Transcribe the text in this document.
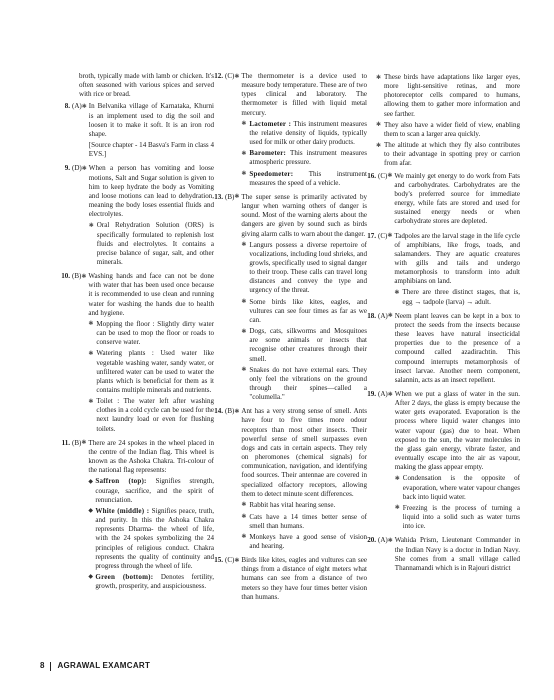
broth, typically made with lamb or chicken. It's often seasoned with various spices and served with rice or bread.
8. (A) ✱ In Belvanika village of Karnataka, Khurni is an implement used to dig the soil and loosen it to make it soft. It is an iron rod shape.
[Source chapter - 14 Basva's Farm in class 4 EVS.]
9. (D) ✱ When a person has vomiting and loose motions, Salt and Sugar solution is given to him to keep hydrate the body as Vomiting and loose motions can lead to dehydration, meaning the body loses essential fluids and electrolytes.
✱ Oral Rehydration Solution (ORS) is specifically formulated to replenish lost fluids and electrolytes. It contains a precise balance of sugar, salt, and other minerals.
10. (B) ✱ Washing hands and face can not be done with water that has been used once because it is recommended to use clean and running water for washing the hands due to health and hygiene.
✱ Mopping the floor : Slightly dirty water can be used to mop the floor or roads to conserve water.
✱ Watering plants : Used water like vegetable washing water, sandy water, or unfiltered water can be used to water the plants which is beneficial for them as it contains multiple minerals and nutrients.
✱ Toilet : The water left after washing clothes in a cold cycle can be used for the next laundry load or even for flushing toilets.
11. (B) ✱ There are 24 spokes in the wheel placed in the centre of the Indian flag. This wheel is known as the Ashoka Chakra. Tri-colour of the national flag represents:
◆ Saffron (top): Signifies strength, courage, sacrifice, and the spirit of renunciation.
◆ White (middle) : Signifies peace, truth, and purity. In this the Ashoka Chakra represents Dharma- the wheel of life, with the 24 spokes symbolizing the 24 principles of religious conduct. Chakra represents the quality of continuity and progress through the wheel of life.
◆ Green (bottom): Denotes fertility, growth, prosperity, and auspiciousness.
12. (C) ✱ The thermometer is a device used to measure body temperature. These are of two types clinical and laboratory. The thermometer is filled with liquid metal mercury.
✱ Lactometer : This instrument measures the relative density of liquids, typically used for milk or other dairy products.
✱ Barometer: This instrument measures atmospheric pressure.
✱ Speedometer: This instrument measures the speed of a vehicle.
13. (B) ✱ The super sense is primarily activated by langur when warning others of danger is sound. Most of the warning alerts about the dangers are given by sound such as birds giving alarm calls to warn about the danger.
✱ Langurs possess a diverse repertoire of vocalizations, including loud shrieks, and growls, specifically used to signal danger to their troop. These calls can travel long distances and convey the type and urgency of the threat.
✱ Some birds like kites, eagles, and vultures can see four times as far as we can.
✱ Dogs, cats, silkworms and Mosquitoes are some animals or insects that recognise other creatures through their smell.
✱ Snakes do not have external ears. They only feel the vibrations on the ground through their spines—called a "columella."
14. (B) ✱ Ant has a very strong sense of smell. Ants have four to five times more odour receptors than most other insects. Their powerful sense of smell surpasses even dogs and cats in certain aspects. They rely on pheromones (chemical signals) for communication, navigation, and identifying food sources. Their antennae are covered in specialized olfactory receptors, allowing them to detect minute scent differences.
✱ Rabbit has vital hearing sense.
✱ Cats have a 14 times better sense of smell than humans.
✱ Monkeys have a good sense of vision and hearing.
15. (C) ✱ Birds like kites, eagles and vultures can see things from a distance of eight meters what humans can see from a distance of two meters so they have four times better vision than humans.
✱ These birds have adaptations like larger eyes, more light-sensitive retinas, and more photoreceptor cells compared to humans, allowing them to gather more information and see farther.
✱ They also have a wider field of view, enabling them to scan a larger area quickly.
✱ The altitude at which they fly also contributes to their advantage in spotting prey or carrion from afar.
16. (C) ✱ We mainly get energy to do work from Fats and carbohydrates. Carbohydrates are the body's preferred source for immediate energy, while fats are stored and used for sustained energy needs or when carbohydrate stores are depleted.
17. (C) ✱ Tadpoles are the larval stage in the life cycle of amphibians, like frogs, toads, and salamanders. They are aquatic creatures with gills and tails and undergo metamorphosis to transform into adult amphibians on land.
✱ There are three distinct stages, that is, egg → tadpole (larva) → adult.
18. (A) ✱ Neem plant leaves can be kept in a box to protect the seeds from the insects because these leaves have natural insecticidal properties due to the presence of a compound called azadirachtin. This compound interrupts metamorphosis of insect larvae. Another neem component, salannin, acts as an insect repellent.
19. (A) ✱ When we put a glass of water in the sun. After 2 days, the glass is empty because the water gets evaporated. Evaporation is the process where liquid water changes into water vapour (gas) due to heat. When exposed to the sun, the water molecules in the glass gain energy, vibrate faster, and eventually escape into the air as vapour, making the glass appear empty.
✱ Condensation is the opposite of evaporation, where water vapour changes back into liquid water.
✱ Freezing is the process of turning a liquid into a solid such as water turns into ice.
20. (A) ✱ Wahida Prism, Lieutenant Commander in the Indian Navy is a doctor in Indian Navy. She comes from a small village called Thannamandi which is in Rajouri district
8 AGRAWAL EXAMCART
